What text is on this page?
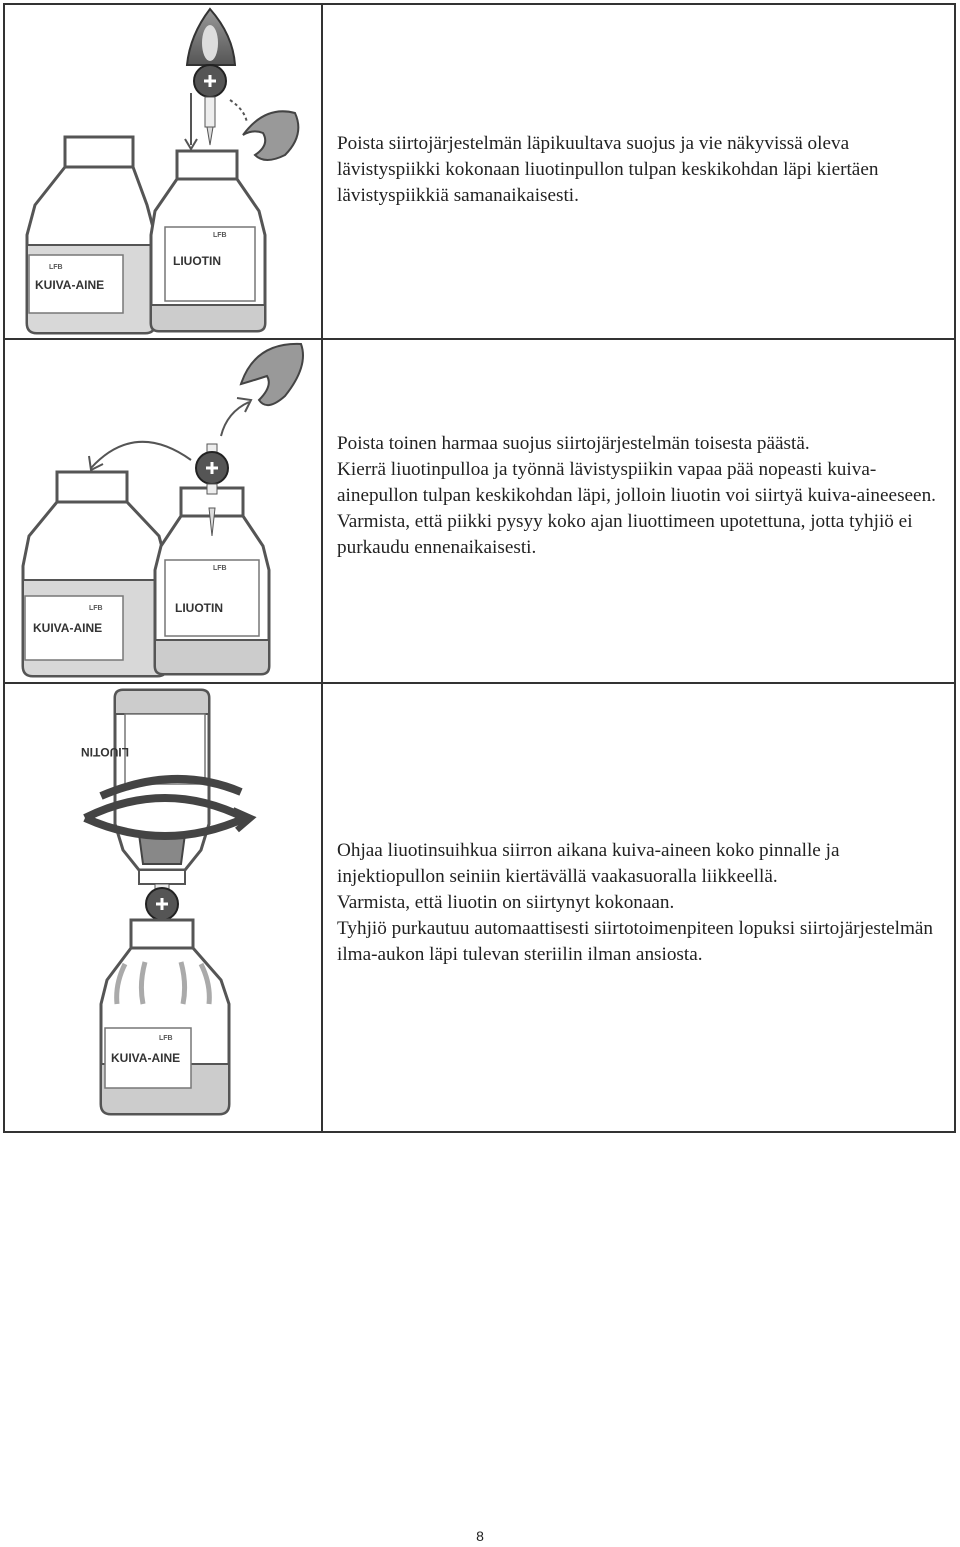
LFB
KUIVA-AINE
LFB
LIUOTIN

Poista siirtojärjestelmän läpikuultava suojus ja vie näkyvissä oleva lävistyspiikki kokonaan liuotinpullon tulpan keskikohdan läpi kiertäen lävistyspiikkiä samanaikaisesti.

LFB
KUIVA-AINE
LFB
LIUOTIN

Poista toinen harmaa suojus siirtojärjestelmän toisesta päästä.

Kierrä liuotinpulloa ja työnnä lävistyspiikin vapaa pää nopeasti kuiva-ainepullon tulpan keskikohdan läpi, jolloin liuotin voi siirtyä kuiva-aineeseen.

Varmista, että piikki pysyy koko ajan liuottimeen upotettuna, jotta tyhjiö ei purkaudu ennenaikaisesti.

LIUOTIN
LFB
KUIVA-AINE

Ohjaa liuotinsuihkua siirron aikana kuiva-aineen koko pinnalle ja injektiopullon seiniin kiertävällä vaakasuoralla liikkeellä.

Varmista, että liuotin on siirtynyt kokonaan.

Tyhjiö purkautuu automaattisesti siirtotoimenpiteen lopuksi siirtojärjestelmän ilma-aukon läpi tulevan steriilin ilman ansiosta.

8
